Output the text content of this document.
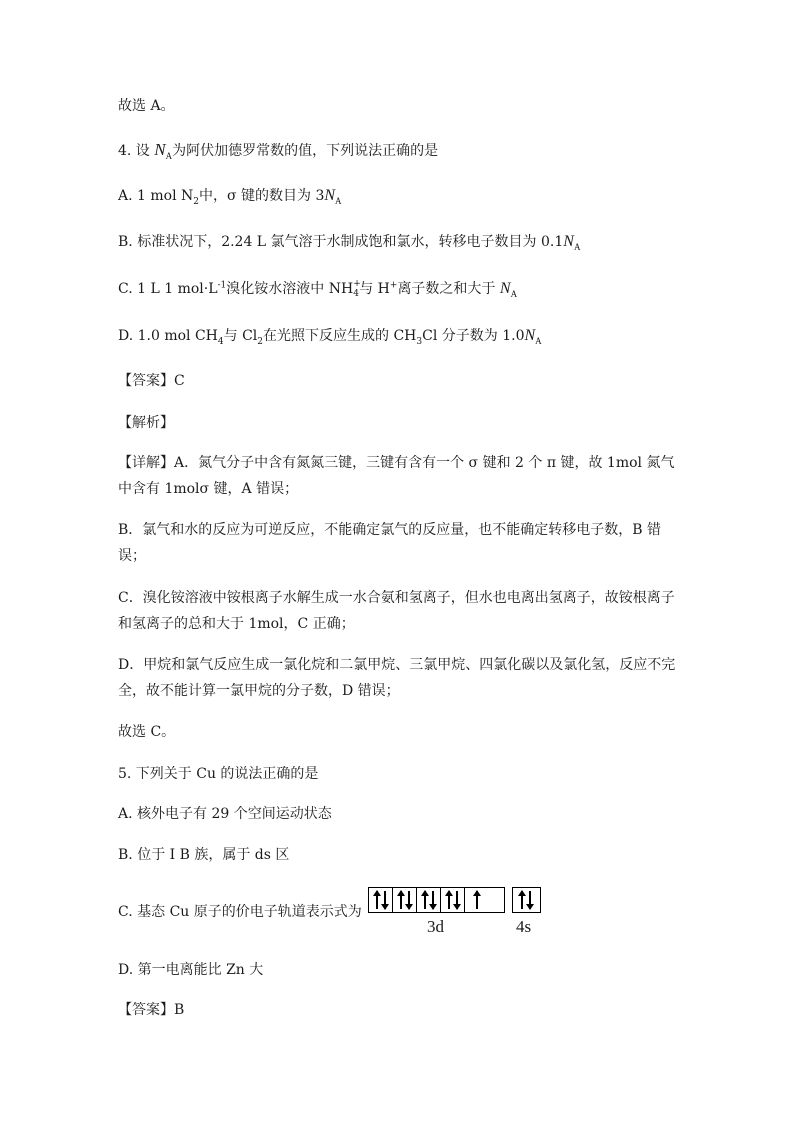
故选 A。
4. 设 $N_A$为阿伏加德罗常数的值，下列说法正确的是
A. 1 mol $N_2$中，σ 键的数目为 $3N_A$
B. 标准状况下，2.24 L 氯气溶于水制成饱和氯水，转移电子数目为 $0.1N_A$
C. 1 L 1 $mol\cdot L^{-1}$溴化铵水溶液中 NH +
4 与 H+离子数之和大于 $N_A$
D. 1.0 mol $CH_4$与 $Cl_2$在光照下反应生成的 $CH_3Cl$ 分子数为 $1.0N_A$
【答案】C
【解析】
【详解】A．氮气分子中含有氮氮三键，三键有含有一个 σ 键和 2 个 π 键，故 1mol 氮气中含有 1molσ 键，A 错误；
B．氯气和水的反应为可逆反应，不能确定氯气的反应量，也不能确定转移电子数，B 错误；
C．溴化铵溶液中铵根离子水解生成一水合氨和氢离子，但水也电离出氢离子，故铵根离子和氢离子的总和大于 1mol，C 正确；
D．甲烷和氯气反应生成一氯化烷和二氯甲烷、三氯甲烷、四氯化碳以及氯化氢，反应不完全，故不能计算一氯甲烷的分子数，D 错误；
故选 C。
5. 下列关于 Cu 的说法正确的是
A. 核外电子有 29 个空间运动状态
B. 位于 I B 族，属于 ds 区
C. 基态 Cu 原子的价电子轨道表示式为
3d	4s
D. 第一电离能比 Zn 大
【答案】B
